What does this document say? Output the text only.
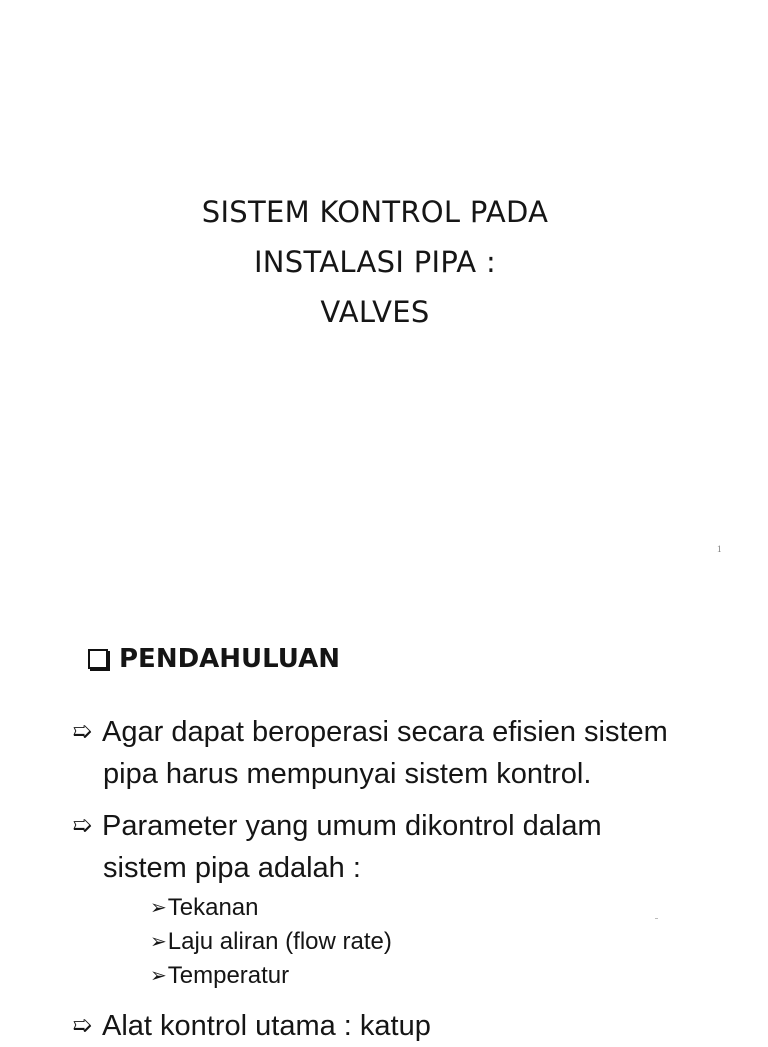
SISTEM KONTROL PADA
INSTALASI PIPA :
VALVES
1
PENDAHULUAN
➯ Agar dapat beroperasi secara efisien sistem
pipa harus mempunyai sistem kontrol.
➯ Parameter yang umum dikontrol dalam
sistem pipa adalah :
➢Tekanan
➢Laju aliran (flow rate)
➢Temperatur
➯ Alat kontrol utama : katup
